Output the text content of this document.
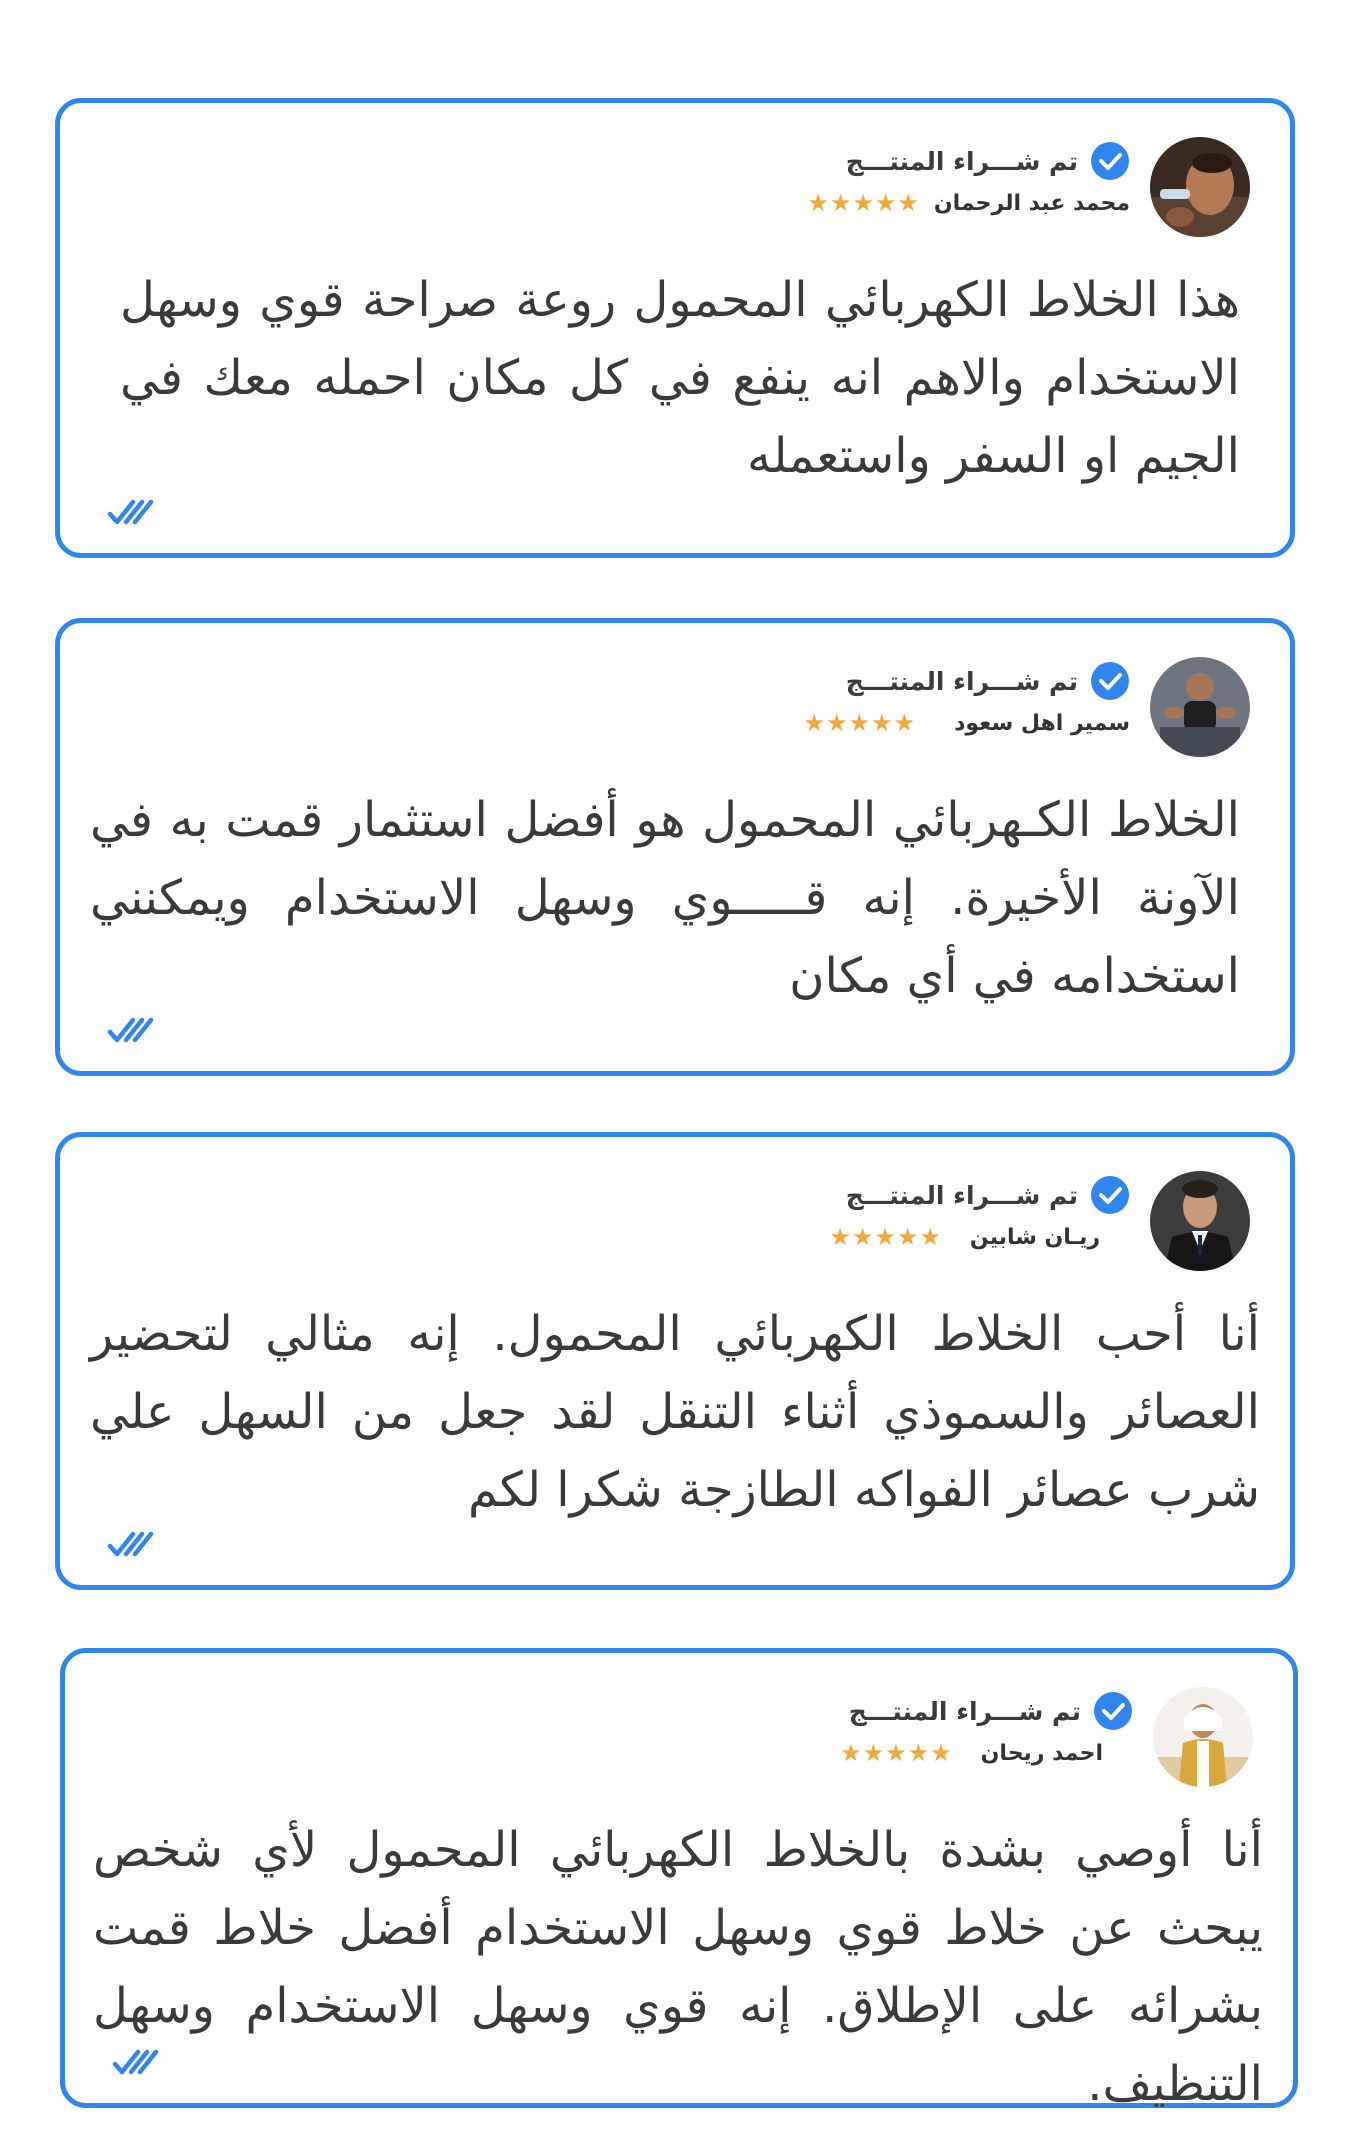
تم شـــراء المنتـــج
محمد عبد الرحمان
★★★★★

هذا الخلاط الكهربائي المحمول روعة صراحة قوي وسهل الاستخدام والاهم انه ينفع في كل مكان احمله معك في الجيم او السفر واستعمله

تم شـــراء المنتـــج
سمير اهل سعود
★★★★★

الخلاط الكـهربائي المحمول هو أفضل استثمار قمت به في الآونة الأخيرة. إنه قـــــوي وسهل الاستخدام ويمكنني استخدامه في أي مكان

تم شـــراء المنتـــج
ريـان شابين
★★★★★

أنا أحب الخلاط الكهربائي المحمول. إنه مثالي لتحضير العصائر والسموذي أثناء التنقل لقد جعل من السهل علي شرب عصائر الفواكه الطازجة شكرا لكم

تم شـــراء المنتـــج
احمد ريحان
★★★★★

أنا أوصي بشدة بالخلاط الكهربائي المحمول لأي شخص يبحث عن خلاط قوي وسهل الاستخدام أفضل خلاط قمت بشرائه على الإطلاق. إنه قوي وسهل الاستخدام وسهل التنظيف.
